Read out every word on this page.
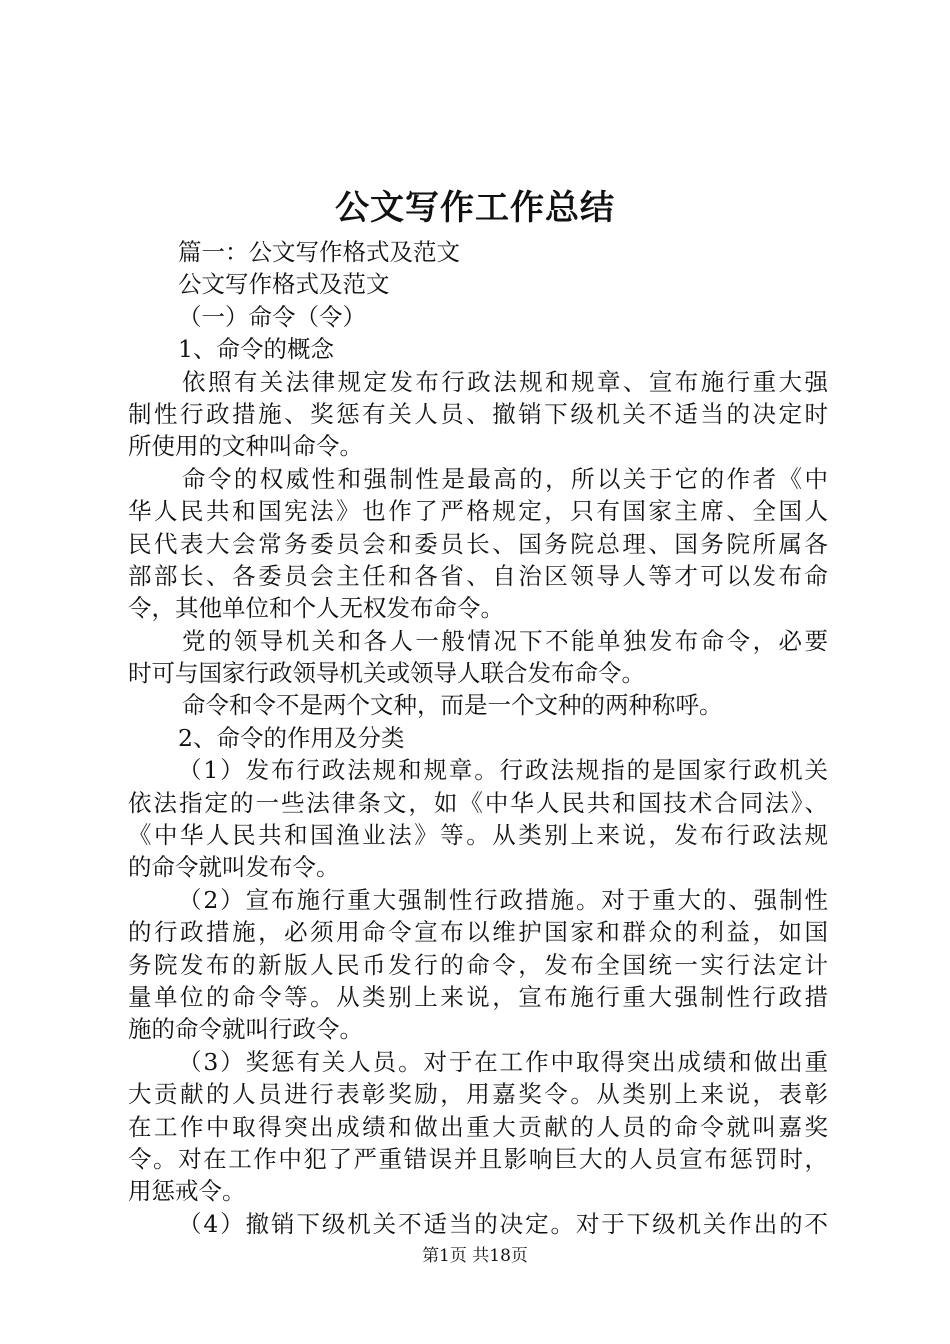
公文写作工作总结

篇一：公文写作格式及范文

公文写作格式及范文

（一）命令（令）

1、命令的概念

依照有关法律规定发布行政法规和规章、宣布施行重大强

制性行政措施、奖惩有关人员、撤销下级机关不适当的决定时

所使用的文种叫命令。

命令的权威性和强制性是最高的，所以关于它的作者《中

华人民共和国宪法》也作了严格规定，只有国家主席、全国人

民代表大会常务委员会和委员长、国务院总理、国务院所属各

部部长、各委员会主任和各省、自治区领导人等才可以发布命

令，其他单位和个人无权发布命令。

党的领导机关和各人一般情况下不能单独发布命令，必要

时可与国家行政领导机关或领导人联合发布命令。

命令和令不是两个文种，而是一个文种的两种称呼。

2、命令的作用及分类

（1）发布行政法规和规章。行政法规指的是国家行政机关

依法指定的一些法律条文，如《中华人民共和国技术合同法》、

《中华人民共和国渔业法》等。从类别上来说，发布行政法规

的命令就叫发布令。

（2）宣布施行重大强制性行政措施。对于重大的、强制性

的行政措施，必须用命令宣布以维护国家和群众的利益，如国

务院发布的新版人民币发行的命令，发布全国统一实行法定计

量单位的命令等。从类别上来说，宣布施行重大强制性行政措

施的命令就叫行政令。

（3）奖惩有关人员。对于在工作中取得突出成绩和做出重

大贡献的人员进行表彰奖励，用嘉奖令。从类别上来说，表彰

在工作中取得突出成绩和做出重大贡献的人员的命令就叫嘉奖

令。对在工作中犯了严重错误并且影响巨大的人员宣布惩罚时，

用惩戒令。

（4）撤销下级机关不适当的决定。对于下级机关作出的不

第1页 共18页
